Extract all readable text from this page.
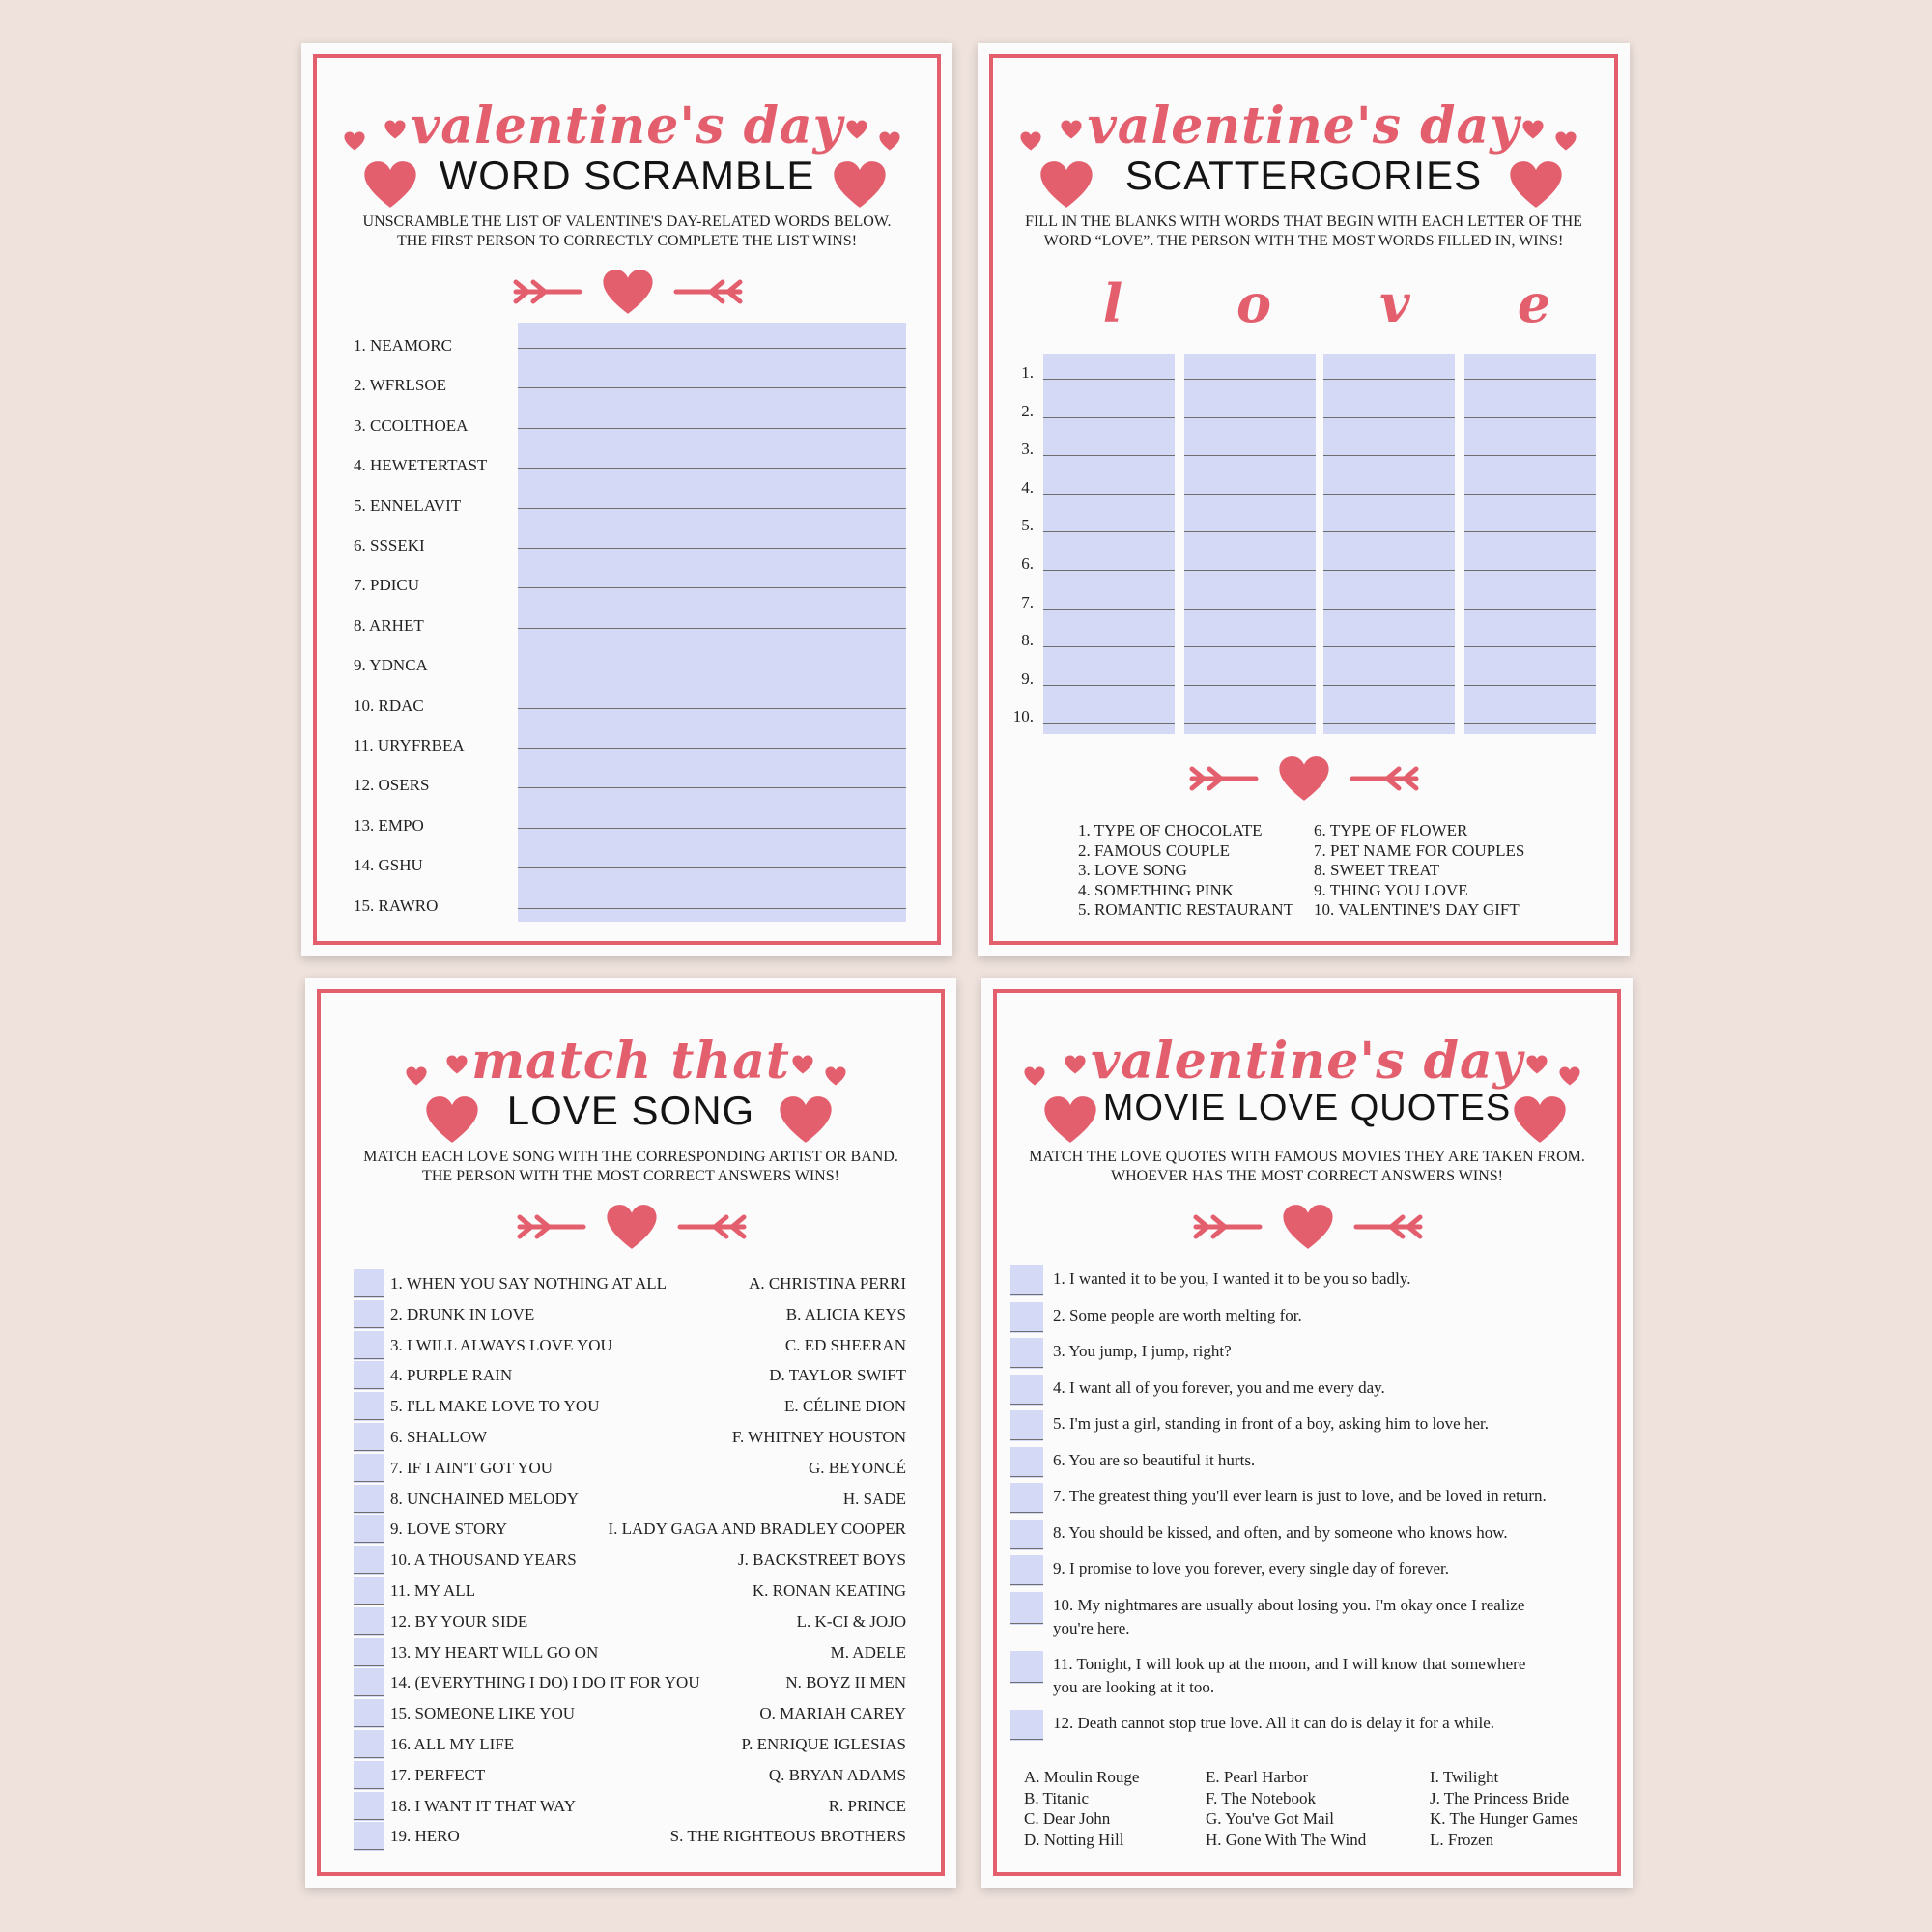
valentine's day
WORD SCRAMBLE
UNSCRAMBLE THE LIST OF VALENTINE'S DAY-RELATED WORDS BELOW.
THE FIRST PERSON TO CORRECTLY COMPLETE THE LIST WINS!
1. NEAMORC
2. WFRLSOE
3. CCOLTHOEA
4. HEWETERTAST
5. ENNELAVIT
6. SSSEKI
7. PDICU
8. ARHET
9. YDNCA
10. RDAC
11. URYFRBEA
12. OSERS
13. EMPO
14. GSHU
15. RAWRO
valentine's day
SCATTERGORIES
FILL IN THE BLANKS WITH WORDS THAT BEGIN WITH EACH LETTER OF THE
WORD “LOVE”. THE PERSON WITH THE MOST WORDS FILLED IN, WINS!
l	o v e
1.
2.
3.
4.
5.
6.
7.
8.
9.
10.
1. TYPE OF CHOCOLATE
2. FAMOUS COUPLE
3. LOVE SONG
4. SOMETHING PINK
5. ROMANTIC RESTAURANT
6. TYPE OF FLOWER
7. PET NAME FOR COUPLES
8. SWEET TREAT
9. THING YOU LOVE
10. VALENTINE'S DAY GIFT
match that
LOVE SONG
MATCH EACH LOVE SONG WITH THE CORRESPONDING ARTIST OR BAND.
THE PERSON WITH THE MOST CORRECT ANSWERS WINS!
1. WHEN YOU SAY NOTHING AT ALL	A. CHRISTINA PERRI
2. DRUNK IN LOVE	B. ALICIA KEYS
3. I WILL ALWAYS LOVE YOU	C. ED SHEERAN
4. PURPLE RAIN	D. TAYLOR SWIFT
5. I'LL MAKE LOVE TO YOU	E. CÉLINE DION
6. SHALLOW	F. WHITNEY HOUSTON
7. IF I AIN'T GOT YOU	G. BEYONCÉ
8. UNCHAINED MELODY	H. SADE
9. LOVE STORY	I. LADY GAGA AND BRADLEY COOPER
10. A THOUSAND YEARS	J. BACKSTREET BOYS
11. MY ALL	K. RONAN KEATING
12. BY YOUR SIDE	L. K-CI & JOJO
13. MY HEART WILL GO ON	M. ADELE
14. (EVERYTHING I DO) I DO IT FOR YOU	N. BOYZ II MEN
15. SOMEONE LIKE YOU	O. MARIAH CAREY
16. ALL MY LIFE	P. ENRIQUE IGLESIAS
17. PERFECT	Q. BRYAN ADAMS
18. I WANT IT THAT WAY	R. PRINCE
19. HERO	S. THE RIGHTEOUS BROTHERS
valentine's day
MOVIE LOVE QUOTES
MATCH THE LOVE QUOTES WITH FAMOUS MOVIES THEY ARE TAKEN FROM.
WHOEVER HAS THE MOST CORRECT ANSWERS WINS!
1. I wanted it to be you, I wanted it to be you so badly.
2. Some people are worth melting for.
3. You jump, I jump, right?
4. I want all of you forever, you and me every day.
5. I'm just a girl, standing in front of a boy, asking him to love her.
6. You are so beautiful it hurts.
7. The greatest thing you'll ever learn is just to love, and be loved in return.
8. You should be kissed, and often, and by someone who knows how.
9. I promise to love you forever, every single day of forever.
10. My nightmares are usually about losing you. I'm okay once I realize
you're here.
11. Tonight, I will look up at the moon, and I will know that somewhere
you are looking at it too.
12. Death cannot stop true love. All it can do is delay it for a while.
A. Moulin Rouge
B. Titanic
C. Dear John
D. Notting Hill
E. Pearl Harbor
F. The Notebook
G. You've Got Mail
H. Gone With The Wind
I. Twilight
J. The Princess Bride
K. The Hunger Games
L. Frozen
